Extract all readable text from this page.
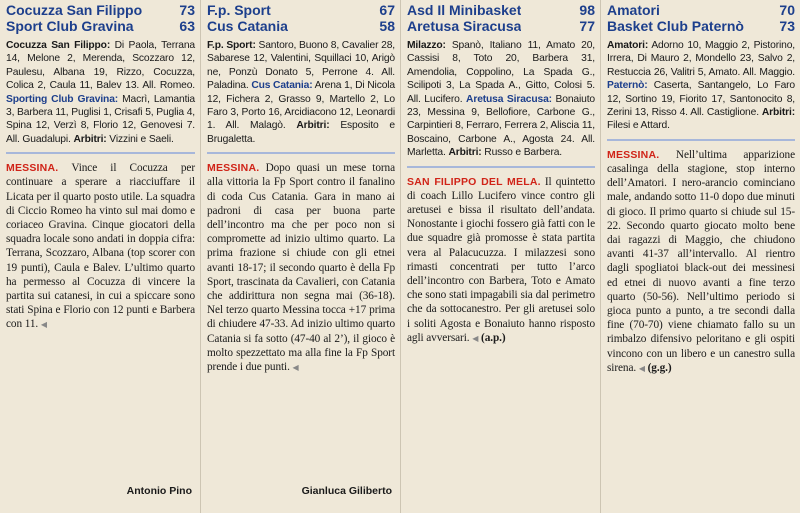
Cocuzza San Filippo	73
Sport Club Gravina	63
Cocuzza San Filippo: Di Paola, Terrana 14, Melone 2, Merenda, Scozzaro 12, Paulesu, Albana 19, Rizzo, Cocuzza, Colica 2, Caula 11, Balev 13. All. Romeo. Sporting Club Gravina: Macrì, Lamantia 3, Barbera 11, Puglisi 1, Crisafi 5, Puglia 4, Spina 12, Verzì 8, Florio 12, Genovesi 7. All. Guadalupi. Arbitri: Vizzini e Saeli.
MESSINA. Vince il Cocuzza per continuare a sperare a riacciuffare il Licata per il quarto posto utile. La squadra di Ciccio Romeo ha vinto sul mai domo e coriaceo Gravina. Cinque giocatori della squadra locale sono andati in doppia cifra: Terrana, Scozzaro, Albana (top scorer con 19 punti), Caula e Balev. L’ultimo quarto ha permesso al Cocuzza di vincere la partita sui catanesi, in cui a spiccare sono stati Spina e Florio con 12 punti e Barbera con 11. ◀
Antonio Pino
F.p. Sport	67
Cus Catania	58
F.p. Sport: Santoro, Buono 8, Cavalier 28, Sabarese 12, Valentini, Squillaci 10, Arigò ne, Ponzù Donato 5, Perrone 4. All. Paladina. Cus Catania: Arena 1, Di Nicola 12, Fichera 2, Grasso 9, Martello 2, Lo Faro 3, Porto 16, Arcidiacono 12, Leonardi 1. All. Malagò. Arbitri: Esposito e Brugaletta.
MESSINA. Dopo quasi un mese torna alla vittoria la Fp Sport contro il fanalino di coda Cus Catania. Gara in mano ai padroni di casa per buona parte dell’incontro ma che per poco non si compromette ad inizio ultimo quarto. La prima frazione si chiude con gli etnei avanti 18-17; il secondo quarto è della Fp Sport, trascinata da Cavalieri, con Catania che addirittura non segna mai (36-18). Nel terzo quarto Messina tocca +17 prima di chiudere 47-33. Ad inizio ultimo quarto Catania si fa sotto (47-40 al 2’), il gioco è molto spezzettato ma alla fine la Fp Sport prende i due punti. ◀
Gianluca Giliberto
Asd Il Minibasket	98
Aretusa Siracusa	77
Milazzo: Spanò, Italiano 11, Amato 20, Cassisi 8, Toto 20, Barbera 31, Amendolia, Coppolino, La Spada G., Scilipoti 3, La Spada A., Gitto, Colosi 5. All. Lucifero. Aretusa Siracusa: Bonaiuto 23, Messina 9, Bellofiore, Carbone G., Carpintieri 8, Ferraro, Ferrera 2, Aliscia 11, Boscaino, Carbone A., Agosta 24. All. Marletta. Arbitri: Russo e Barbera.
SAN FILIPPO DEL MELA. Il quintetto di coach Lillo Lucifero vince contro gli aretusei e bissa il risultato dell’andata. Nonostante i giochi fossero già fatti con le due squadre già promosse è stata partita vera al Palacucuzza. I milazzesi sono rimasti concentrati per tutto l’arco dell’incontro con Barbera, Toto e Amato che sono stati impagabili sia dal perimetro che da sottocanestro. Per gli aretusei solo i soliti Agosta e Bonaiuto hanno risposto agli avversari. ◀ (a.p.)
Amatori	70
Basket Club Paternò	73
Amatori: Adorno 10, Maggio 2, Pistorino, Irrera, Di Mauro 2, Mondello 23, Salvo 2, Restuccia 26, Valitri 5, Amato. All. Maggio. Paternò: Caserta, Santangelo, Lo Faro 12, Sortino 19, Fiorito 17, Santonocito 8, Zerini 13, Risso 4. All. Castiglione. Arbitri: Filesi e Attard.
MESSINA. Nell’ultima apparizione casalinga della stagione, stop interno dell’Amatori. I nero-arancio cominciano male, andando sotto 11-0 dopo due minuti di gioco. Il primo quarto si chiude sul 15-22. Secondo quarto giocato molto bene dai ragazzi di Maggio, che chiudono avanti 41-37 all’intervallo. Al rientro dagli spogliatoi black-out dei messinesi ed etnei di nuovo avanti a fine terzo quarto (50-56). Nell’ultimo periodo si gioca punto a punto, a tre secondi dalla fine (70-70) viene chiamato fallo su un rimbalzo difensivo peloritano e gli ospiti vincono con un libero e un canestro sulla sirena. ◀ (g.g.)
